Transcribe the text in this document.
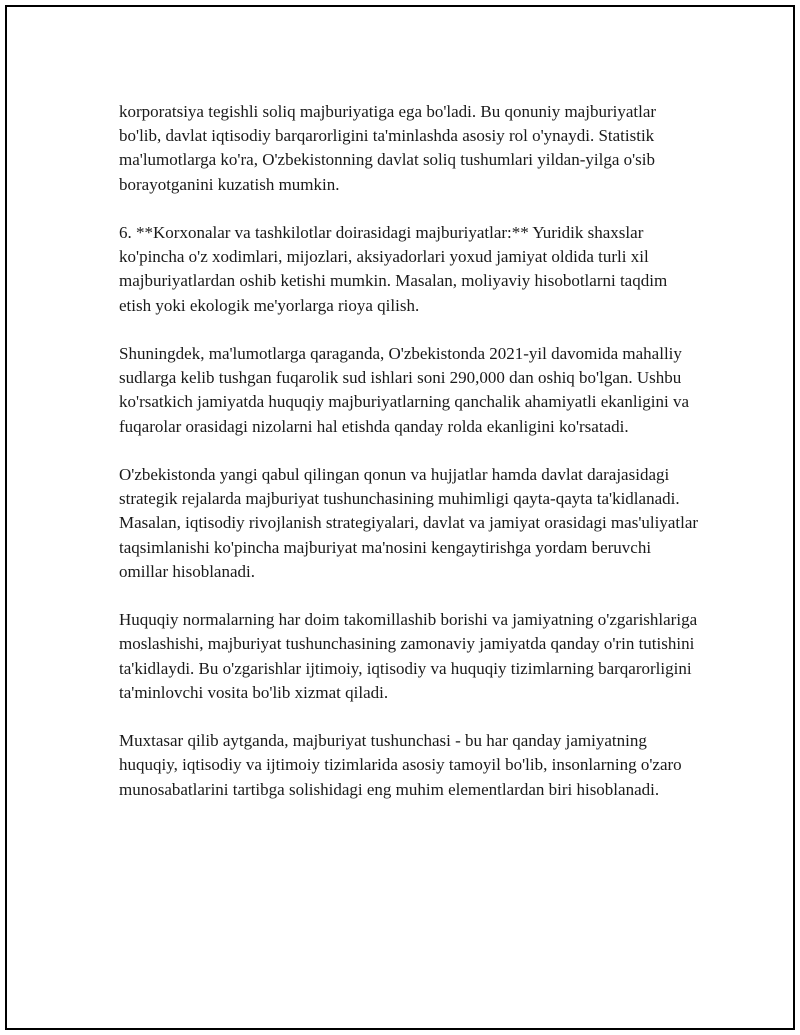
korporatsiya tegishli soliq majburiyatiga ega bo'ladi. Bu qonuniy majburiyatlar bo'lib, davlat iqtisodiy barqarorligini ta'minlashda asosiy rol o'ynaydi. Statistik ma'lumotlarga ko'ra, O'zbekistonning davlat soliq tushumlari yildan-yilga o'sib borayotganini kuzatish mumkin.

6. **Korxonalar va tashkilotlar doirasidagi majburiyatlar:** Yuridik shaxslar ko'pincha o'z xodimlari, mijozlari, aksiyadorlari yoxud jamiyat oldida turli xil majburiyatlardan oshib ketishi mumkin. Masalan, moliyaviy hisobotlarni taqdim etish yoki ekologik me'yorlarga rioya qilish.

Shuningdek, ma'lumotlarga qaraganda, O'zbekistonda 2021-yil davomida mahalliy sudlarga kelib tushgan fuqarolik sud ishlari soni 290,000 dan oshiq bo'lgan. Ushbu ko'rsatkich jamiyatda huquqiy majburiyatlarning qanchalik ahamiyatli ekanligini va fuqarolar orasidagi nizolarni hal etishda qanday rolda ekanligini ko'rsatadi.

O'zbekistonda yangi qabul qilingan qonun va hujjatlar hamda davlat darajasidagi strategik rejalarda majburiyat tushunchasining muhimligi qayta-qayta ta'kidlanadi. Masalan, iqtisodiy rivojlanish strategiyalari, davlat va jamiyat orasidagi mas'uliyatlar taqsimlanishi ko'pincha majburiyat ma'nosini kengaytirishga yordam beruvchi omillar hisoblanadi.

Huquqiy normalarning har doim takomillashib borishi va jamiyatning o'zgarishlariga moslashishi, majburiyat tushunchasining zamonaviy jamiyatda qanday o'rin tutishini ta'kidlaydi. Bu o'zgarishlar ijtimoiy, iqtisodiy va huquqiy tizimlarning barqarorligini ta'minlovchi vosita bo'lib xizmat qiladi.

Muxtasar qilib aytganda, majburiyat tushunchasi - bu har qanday jamiyatning huquqiy, iqtisodiy va ijtimoiy tizimlarida asosiy tamoyil bo'lib, insonlarning o'zaro munosabatlarini tartibga solishidagi eng muhim elementlardan biri hisoblanadi.
